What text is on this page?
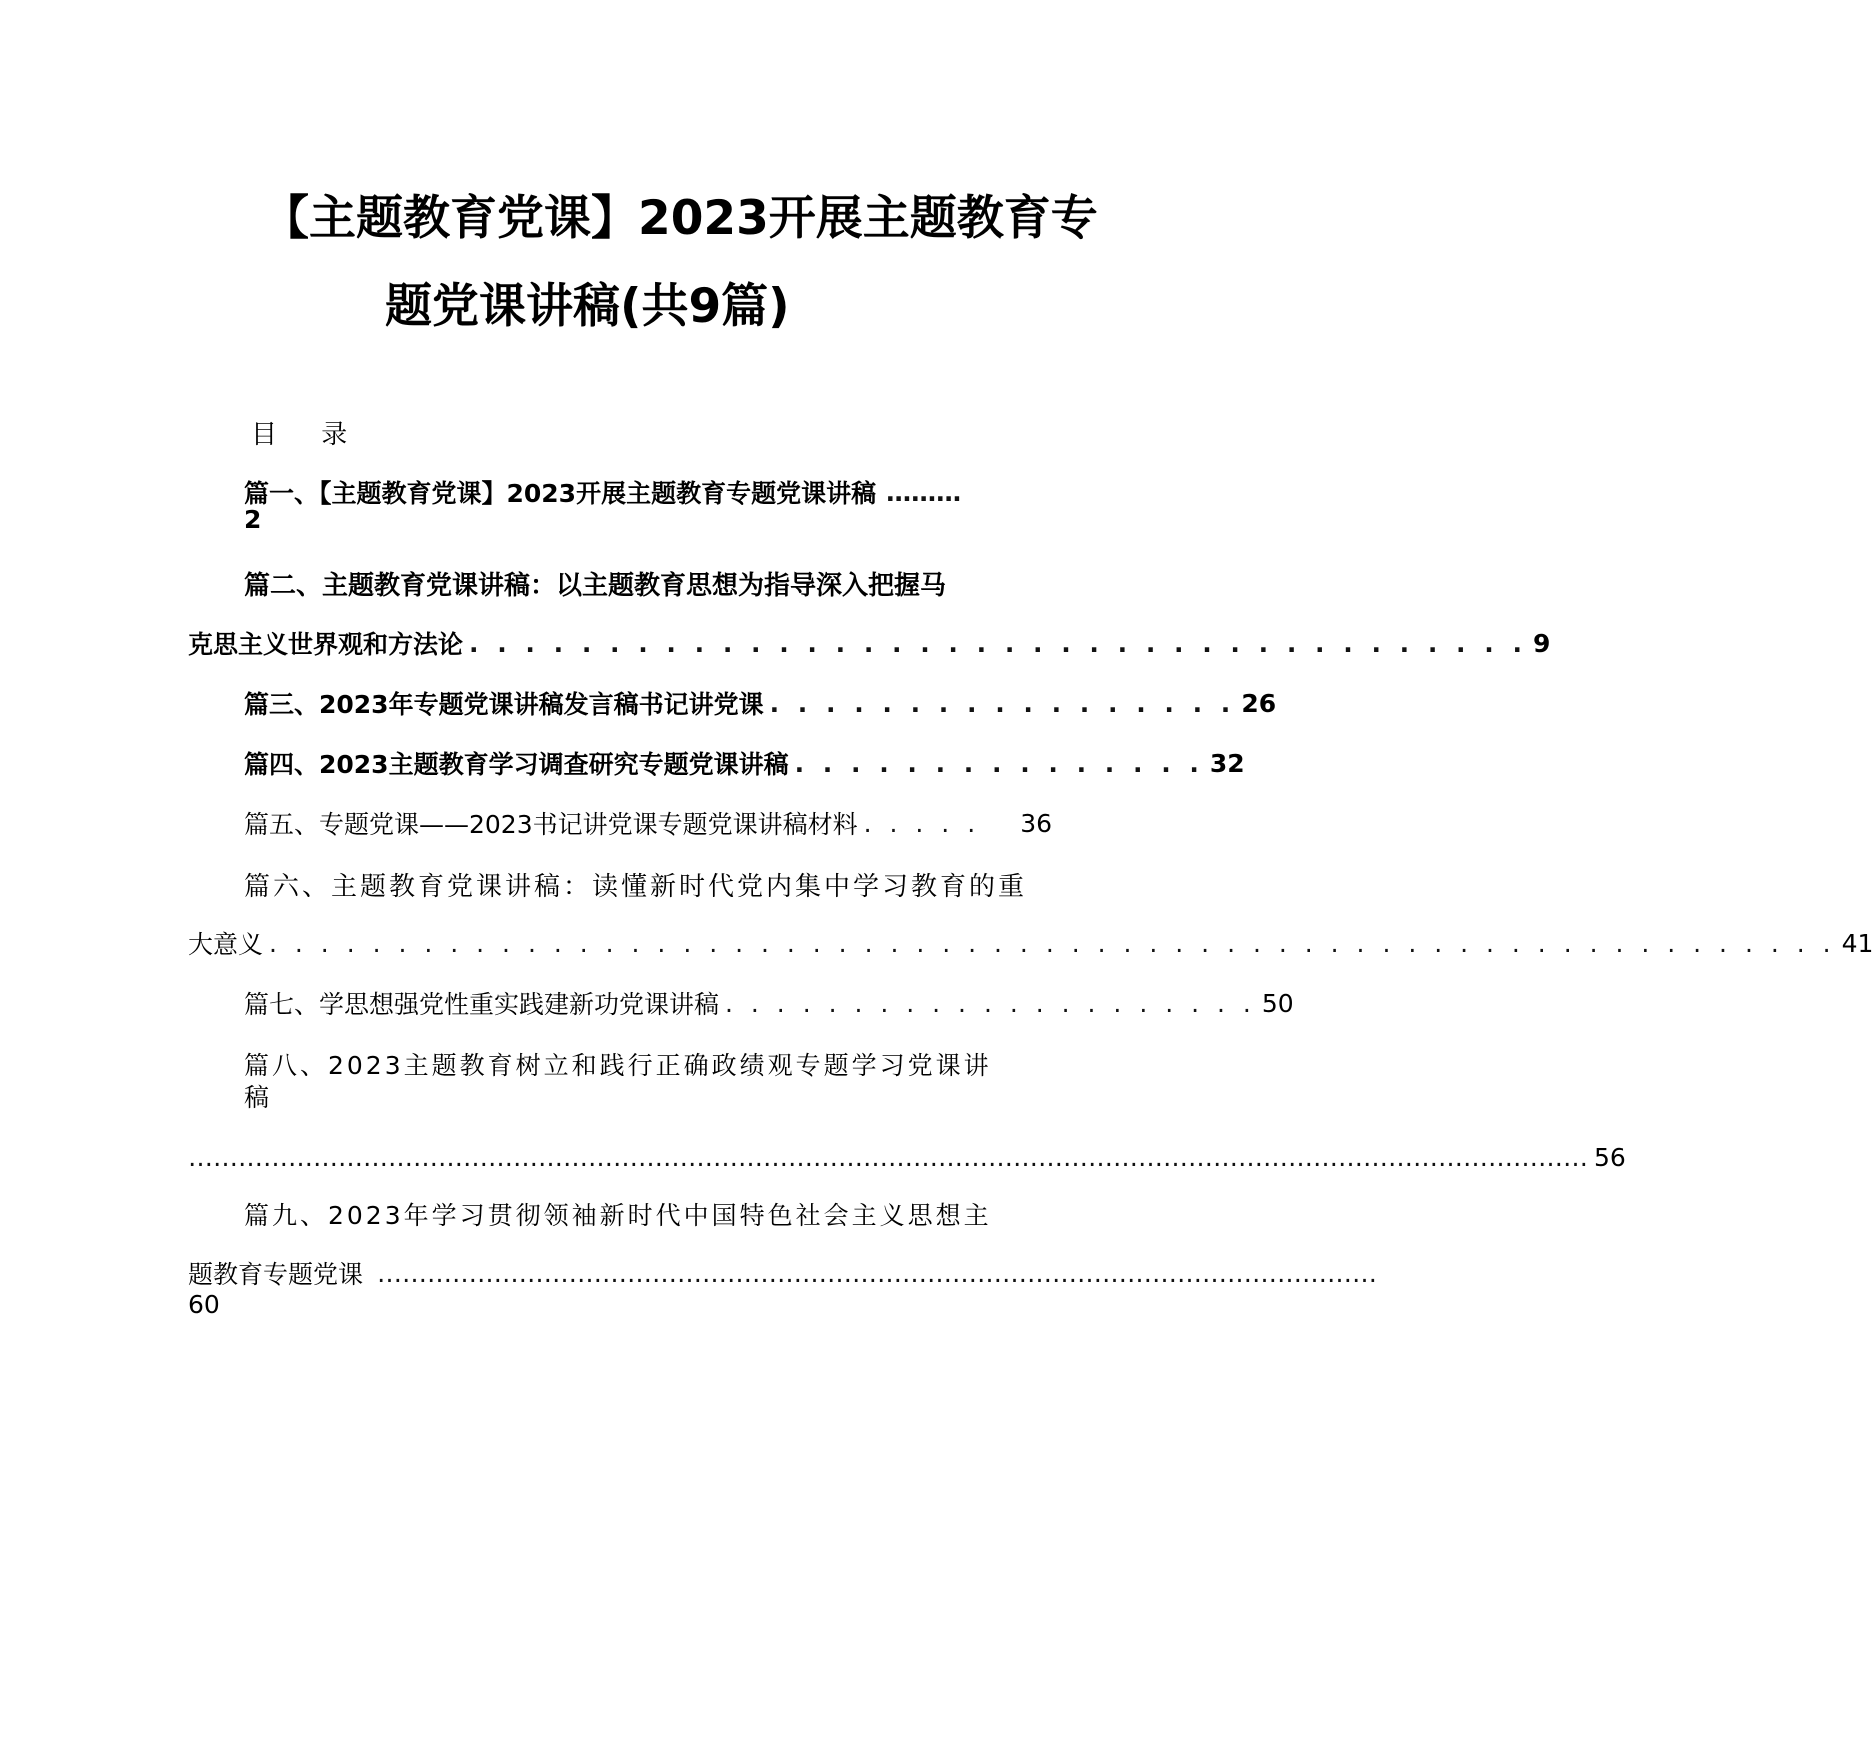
【主题教育党课】2023开展主题教育专
题党课讲稿(共9篇)
目 录
篇一、【主题教育党课】2023开展主题教育专题党课讲稿 ………
2
篇二、主题教育党课讲稿：以主题教育思想为指导深入把握马
克思主义世界观和方法论 . . . . . . . . . . . . . . . . . . . . . . . . . . . . . . . . . . . . . . 9
篇三、2023年专题党课讲稿发言稿书记讲党课 . . . . . . . . . . . . . . . . . 26
篇四、2023主题教育学习调查研究专题党课讲稿 . . . . . . . . . . . . . . . 32
篇五、专题党课——2023书记讲党课专题党课讲稿材料 . . . . .	36
篇六、主题教育党课讲稿：读懂新时代党内集中学习教育的重
大意义 . . . . . . . . . . . . . . . . . . . . . . . . . . . . . . . . . . . . . . . . . . . . . . . . . . . . . . . . . . . . . 41
篇七、学思想强党性重实践建新功党课讲稿 . . . . . . . . . . . . . . . . . . . . . 50
篇八、2023主题教育树立和践行正确政绩观专题学习党课讲
稿
…………………………………………………………………………………………………………………………………………………… 56
篇九、2023年学习贯彻领袖新时代中国特色社会主义思想主
题教育专题党课 …………………………………………………………………………………………………………
60
